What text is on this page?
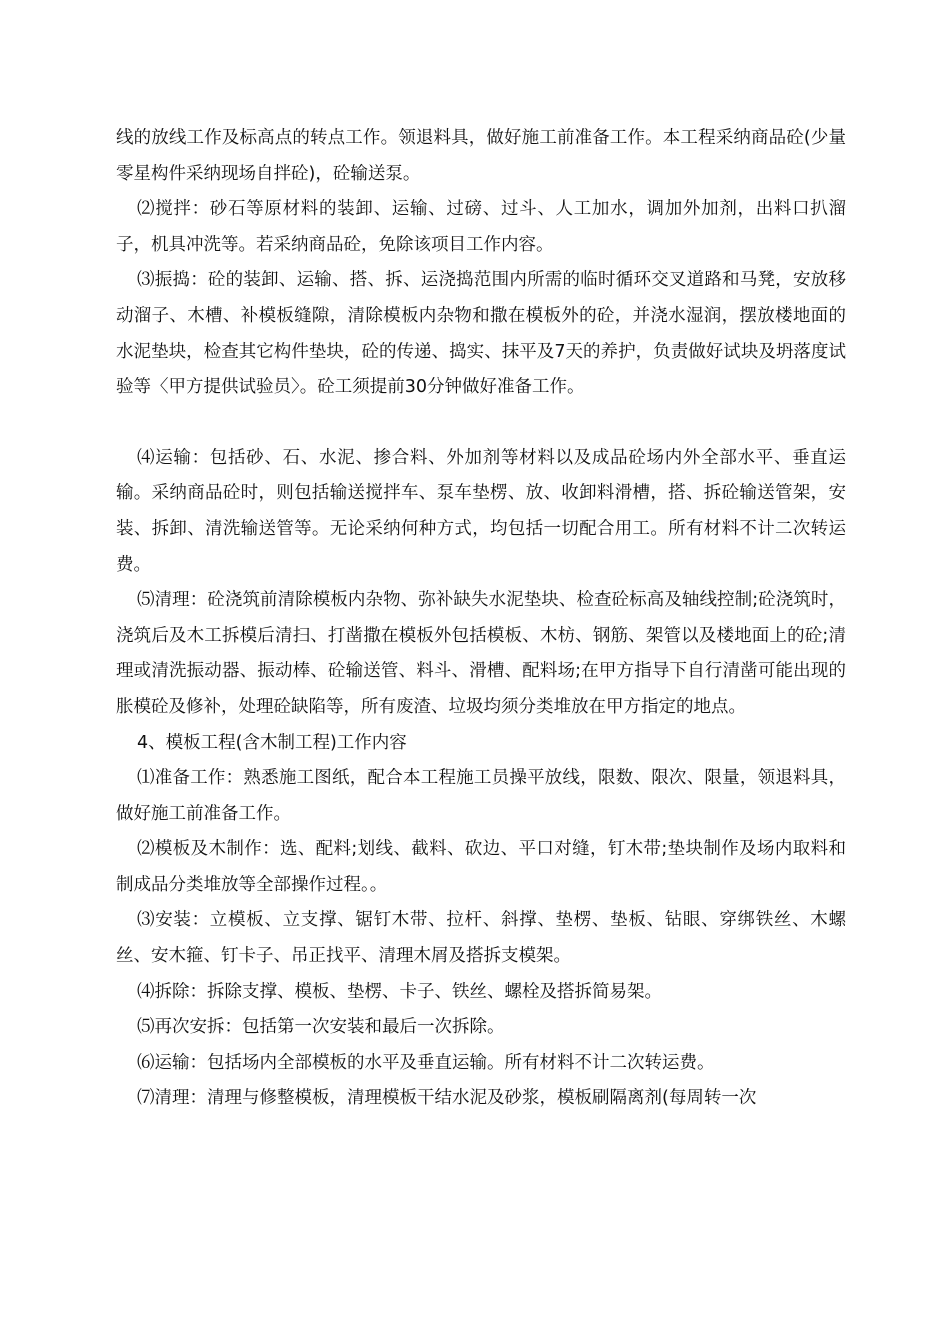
线的放线工作及标高点的转点工作。领退料具，做好施工前准备工作。本工程采纳商品砼(少量零星构件采纳现场自拌砼)，砼输送泵。

⑵搅拌：砂石等原材料的装卸、运输、过磅、过斗、人工加水，调加外加剂，出料口扒溜子，机具冲洗等。若采纳商品砼，免除该项目工作内容。

⑶振捣：砼的装卸、运输、搭、拆、运浇捣范围内所需的临时循环交叉道路和马凳，安放移动溜子、木槽、补模板缝隙，清除模板内杂物和撒在模板外的砼，并浇水湿润，摆放楼地面的水泥垫块，检查其它构件垫块，砼的传递、捣实、抹平及7天的养护，负责做好试块及坍落度试验等〈甲方提供试验员〉。砼工须提前30分钟做好准备工作。

⑷运输：包括砂、石、水泥、掺合料、外加剂等材料以及成品砼场内外全部水平、垂直运输。采纳商品砼时，则包括输送搅拌车、泵车垫楞、放、收卸料滑槽，搭、拆砼输送管架，安装、拆卸、清洗输送管等。无论采纳何种方式，均包括一切配合用工。所有材料不计二次转运费。

⑸清理：砼浇筑前清除模板内杂物、弥补缺失水泥垫块、检查砼标高及轴线控制;砼浇筑时，浇筑后及木工拆模后清扫、打凿撒在模板外包括模板、木枋、钢筋、架管以及楼地面上的砼;清理或清洗振动器、振动棒、砼输送管、料斗、滑槽、配料场;在甲方指导下自行清凿可能出现的胀模砼及修补，处理砼缺陷等，所有废渣、垃圾均须分类堆放在甲方指定的地点。

4、模板工程(含木制工程)工作内容

⑴准备工作：熟悉施工图纸，配合本工程施工员操平放线，限数、限次、限量，领退料具，做好施工前准备工作。

⑵模板及木制作：选、配料;划线、截料、砍边、平口对缝，钉木带;垫块制作及场内取料和制成品分类堆放等全部操作过程。。

⑶安装：立模板、立支撑、锯钉木带、拉杆、斜撑、垫楞、垫板、钻眼、穿绑铁丝、木螺丝、安木箍、钉卡子、吊正找平、清理木屑及搭拆支模架。

⑷拆除：拆除支撑、模板、垫楞、卡子、铁丝、螺栓及搭拆简易架。

⑸再次安拆：包括第一次安装和最后一次拆除。

⑹运输：包括场内全部模板的水平及垂直运输。所有材料不计二次转运费。

⑺清理：清理与修整模板，清理模板干结水泥及砂浆，模板刷隔离剂(每周转一次
